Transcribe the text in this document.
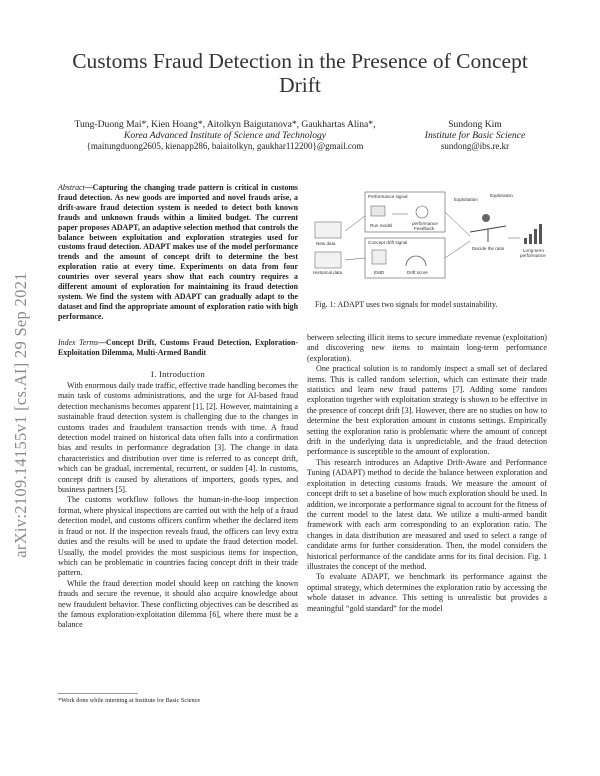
arXiv:2109.14155v1 [cs.AI] 29 Sep 2021
Customs Fraud Detection in the Presence of Concept Drift
Tung-Duong Mai*, Kien Hoang*, Aitolkyn Baigutanova*, Gaukhartas Alina*,
Korea Advanced Institute of Science and Technology
{maitungduong2605, kienapp286, baiaitolkyn, gaukhar112200}@gmail.com
Sundong Kim
Institute for Basic Science
sundong@ibs.re.kr
Abstract—Capturing the changing trade pattern is critical in customs fraud detection. As new goods are imported and novel frauds arise, a drift-aware fraud detection system is needed to detect both known frauds and unknown frauds within a limited budget. The current paper proposes ADAPT, an adaptive selection method that controls the balance between exploitation and exploration strategies used for customs fraud detection. ADAPT makes use of the model performance trends and the amount of concept drift to determine the best exploration ratio at every time. Experiments on data from four countries over several years show that each country requires a different amount of exploration for maintaining its fraud detection system. We find the system with ADAPT can gradually adapt to the dataset and find the appropriate amount of exploration ratio with high performance.
Index Terms—Concept Drift, Customs Fraud Detection, Exploration-Exploitation Dilemma, Multi-Armed Bandit
I. Introduction

With enormous daily trade traffic, effective trade handling becomes the main task of customs administrations, and the urge for AI-based fraud detection mechanisms becomes apparent [1], [2]. However, maintaining a sustainable fraud detection system is challenging due to the changes in customs trades and fraudulent transaction trends with time. A fraud detection model trained on historical data often falls into a confirmation bias and results in performance degradation [3]. The change in data characteristics and distribution over time is referred to as concept drift, which can be gradual, incremental, recurrent, or sudden [4]. In customs, concept drift is caused by alterations of importers, goods types, and business partners [5].

The customs workflow follows the human-in-the-loop inspection format, where physical inspections are carried out with the help of a fraud detection model, and customs officers confirm whether the declared item is fraud or not. If the inspection reveals fraud, the officers can levy extra duties and the results will be used to update the fraud detection model. Usually, the model provides the most suspicious items for inspection, which can be problematic in countries facing concept drift in their trade pattern.

While the fraud detection model should keep on catching the known frauds and secure the revenue, it should also acquire knowledge about new fraudulent behavior. These conflicting objectives can be described as the famous exploration-exploitation dilemma [6], where there must be a balance

*Work done while interning at Institute for Basic Science
Performance signal
Run model	performance
Feedback
New data
Historical data
Concept drift signal
EMD	Drift score
Exploitation
Exploration
Decide the ratio	Long-term
performance
Fig. 1: ADAPT uses two signals for model sustainability.

between selecting illicit items to secure immediate revenue (exploitation) and discovering new items to maintain long-term performance (exploration).

One practical solution is to randomly inspect a small set of declared items. This is called random selection, which can estimate their trade statistics and learn new fraud patterns [7]. Adding some random exploration together with exploitation strategy is shown to be effective in the presence of concept drift [3]. However, there are no studies on how to determine the best exploration amount in customs settings. Empirically setting the exploration ratio is problematic where the amount of concept drift in the underlying data is unpredictable, and the fraud detection performance is susceptible to the amount of exploration.

This research introduces an Adaptive Drift-Aware and Performance Tuning (ADAPT) method to decide the balance between exploration and exploitation in detecting customs frauds. We measure the amount of concept drift to set a baseline of how much exploration should be used. In addition, we incorporate a performance signal to account for the fitness of the current model to the latest data. We utilize a multi-armed bandit framework with each arm corresponding to an exploration ratio. The changes in data distribution are measured and used to select a range of candidate arms for further consideration. Then, the model considers the historical performance of the candidate arms for its final decision. Fig. 1 illustrates the concept of the method.

To evaluate ADAPT, we benchmark its performance against the optimal strategy, which determines the exploration ratio by accessing the whole dataset in advance. This setting is unrealistic but provides a meaningful “gold standard” for the model
